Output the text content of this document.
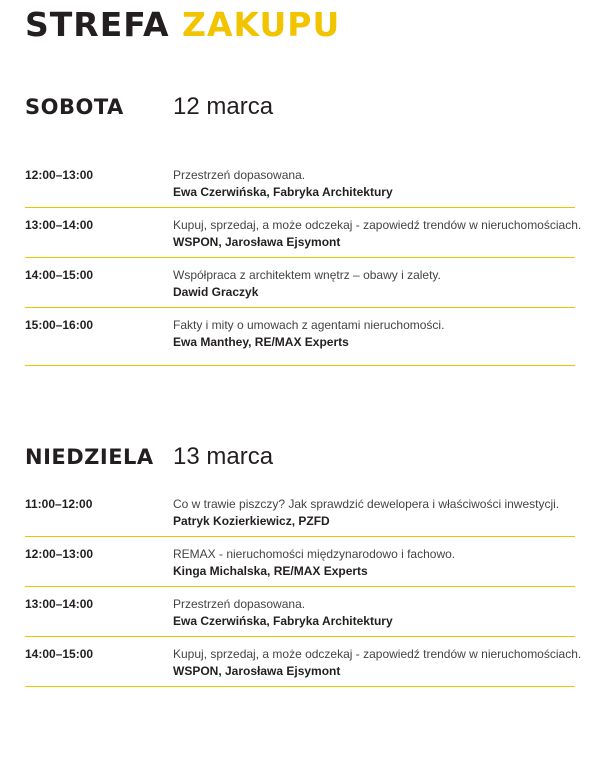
STREFA ZAKUPU
SOBOTA 12 marca
12:00–13:00	Przestrzeń dopasowana.
Ewa Czerwińska, Fabryka Architektury
13:00–14:00	Kupuj, sprzedaj, a może odczekaj - zapowiedź trendów w nieruchomościach.
WSPON, Jarosława Ejsymont
14:00–15:00	Współpraca z architektem wnętrz – obawy i zalety.
Dawid Graczyk
15:00–16:00	Fakty i mity o umowach z agentami nieruchomości.
Ewa Manthey, RE/MAX Experts
NIEDZIELA 13 marca
11:00–12:00	Co w trawie piszczy? Jak sprawdzić dewelopera i właściwości inwestycji.
Patryk Kozierkiewicz, PZFD
12:00–13:00	REMAX - nieruchomości międzynarodowo i fachowo.
Kinga Michalska, RE/MAX Experts
13:00–14:00	Przestrzeń dopasowana.
Ewa Czerwińska, Fabryka Architektury
14:00–15:00	Kupuj, sprzedaj, a może odczekaj - zapowiedź trendów w nieruchomościach.
WSPON, Jarosława Ejsymont
